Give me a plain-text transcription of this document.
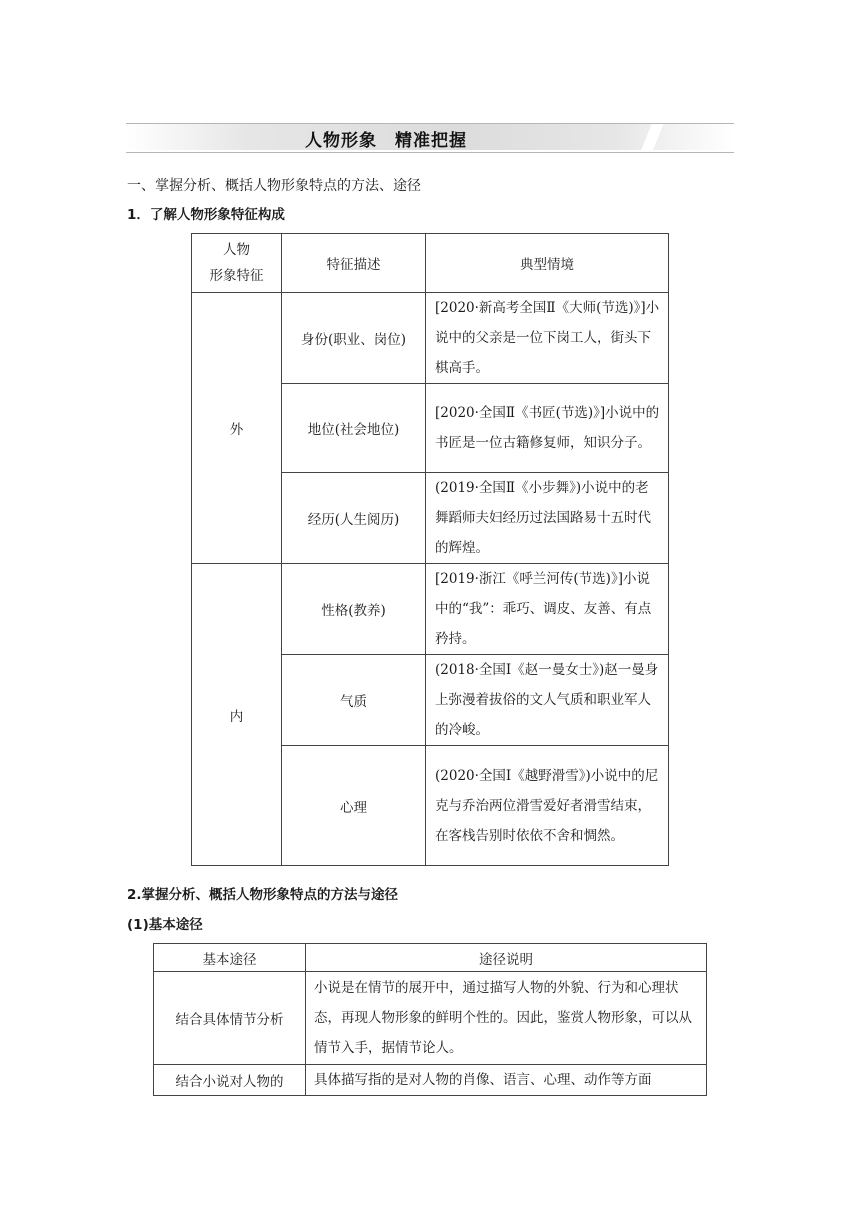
人物形象　精准把握
一、掌握分析、概括人物形象特点的方法、途径
1．了解人物形象特征构成
人物
形象特征	特征描述	典型情境
外	身份(职业、岗位)	[2020·新高考全国Ⅱ《大师(节选)》]小说中的父亲是一位下岗工人，街头下棋高手。
	地位(社会地位)	[2020·全国Ⅱ《书匠(节选)》]小说中的书匠是一位古籍修复师，知识分子。
	经历(人生阅历)	(2019·全国Ⅱ《小步舞》)小说中的老舞蹈师夫妇经历过法国路易十五时代的辉煌。
内	性格(教养)	[2019·浙江《呼兰河传(节选)》]小说中的“我”：乖巧、调皮、友善、有点矜持。
	气质	(2018·全国Ⅰ《赵一曼女士》)赵一曼身上弥漫着拔俗的文人气质和职业军人的冷峻。
	心理	(2020·全国Ⅰ《越野滑雪》)小说中的尼克与乔治两位滑雪爱好者滑雪结束，在客栈告别时依依不舍和惆然。
2.掌握分析、概括人物形象特点的方法与途径
(1)基本途径
基本途径	途径说明
结合具体情节分析	小说是在情节的展开中，通过描写人物的外貌、行为和心理状态，再现人物形象的鲜明个性的。因此，鉴赏人物形象，可以从情节入手，据情节论人。
结合小说对人物的	具体描写指的是对人物的肖像、语言、心理、动作等方面
